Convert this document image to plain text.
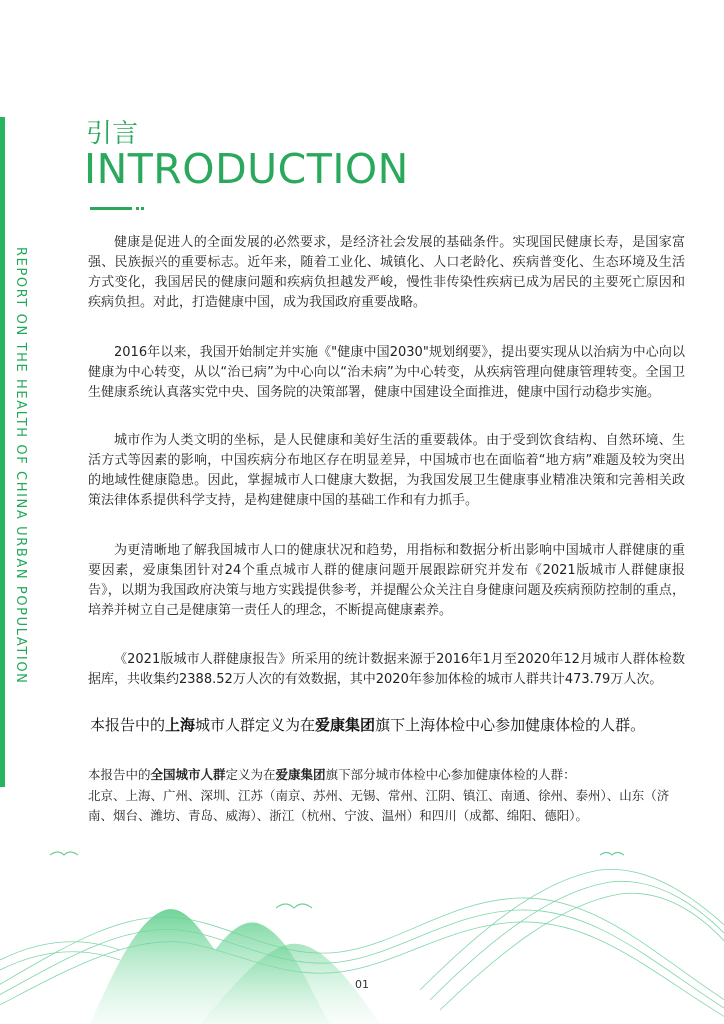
REPORT ON THE HEALTH OF CHINA URBAN POPULATION
引言
INTRODUCTION

健康是促进人的全面发展的必然要求，是经济社会发展的基础条件。实现国民健康长寿，是国家富强、民族振兴的重要标志。近年来，随着工业化、城镇化、人口老龄化、疾病普变化、生态环境及生活方式变化，我国居民的健康问题和疾病负担越发严峻，慢性非传染性疾病已成为居民的主要死亡原因和疾病负担。对此，打造健康中国，成为我国政府重要战略。

2016年以来，我国开始制定并实施《"健康中国2030"规划纲要》，提出要实现从以治病为中心向以健康为中心转变，从以“治已病”为中心向以“治未病”为中心转变，从疾病管理向健康管理转变。全国卫生健康系统认真落实党中央、国务院的决策部署，健康中国建设全面推进，健康中国行动稳步实施。

城市作为人类文明的坐标，是人民健康和美好生活的重要载体。由于受到饮食结构、自然环境、生活方式等因素的影响，中国疾病分布地区存在明显差异，中国城市也在面临着“地方病”难题及较为突出的地域性健康隐患。因此，掌握城市人口健康大数据，为我国发展卫生健康事业精准决策和完善相关政策法律体系提供科学支持，是构建健康中国的基础工作和有力抓手。

为更清晰地了解我国城市人口的健康状况和趋势，用指标和数据分析出影响中国城市人群健康的重要因素，爱康集团针对24个重点城市人群的健康问题开展跟踪研究并发布《2021版城市人群健康报告》，以期为我国政府决策与地方实践提供参考，并提醒公众关注自身健康问题及疾病预防控制的重点，培养并树立自己是健康第一责任人的理念，不断提高健康素养。

《2021版城市人群健康报告》所采用的统计数据来源于2016年1月至2020年12月城市人群体检数据库，共收集约2388.52万人次的有效数据，其中2020年参加体检的城市人群共计473.79万人次。

本报告中的上海城市人群定义为在爱康集团旗下上海体检中心参加健康体检的人群。

本报告中的全国城市人群定义为在爱康集团旗下部分城市体检中心参加健康体检的人群：

北京、上海、广州、深圳、江苏（南京、苏州、无锡、常州、江阴、镇江、南通、徐州、泰州）、山东（济南、烟台、潍坊、青岛、威海）、浙江（杭州、宁波、温州）和四川（成都、绵阳、德阳）。

01
